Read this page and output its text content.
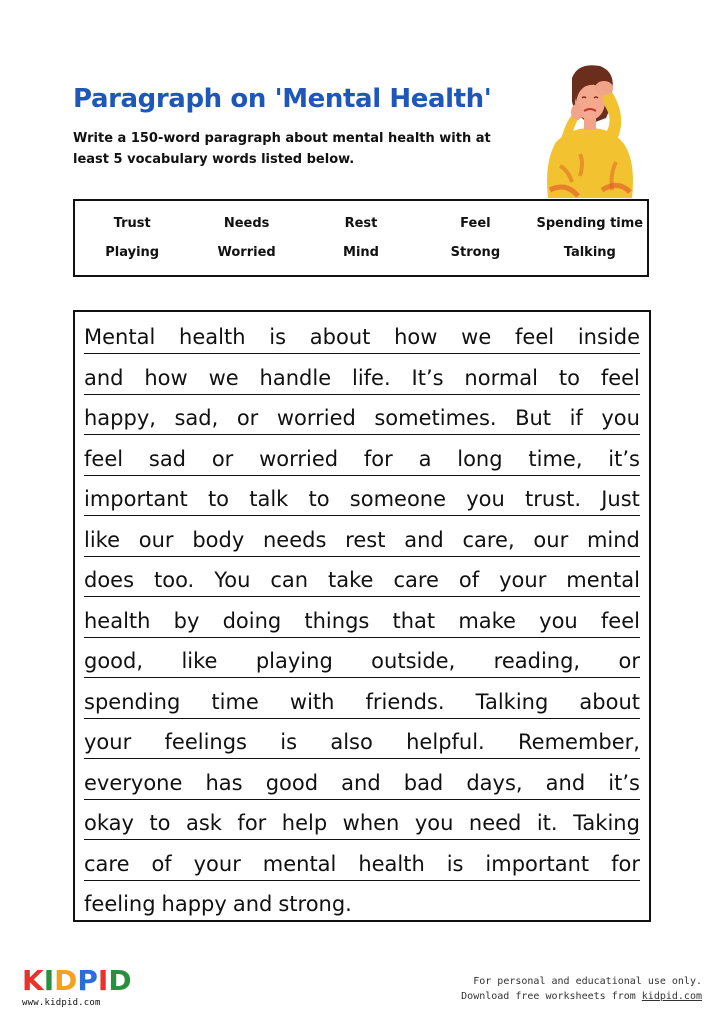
Paragraph on 'Mental Health'

Write a 150-word paragraph about mental health with at least 5 vocabulary words listed below.

Trust	Needs	Rest	Feel	Spending time
Playing	Worried	Mind	Strong	Talking
Mental health is about how we feel inside
and how we handle life. It’s normal to feel
happy, sad, or worried sometimes. But if you
feel sad or worried for a long time, it’s
important to talk to someone you trust. Just
like our body needs rest and care, our mind
does too. You can take care of your mental
health by doing things that make you feel
good, like playing outside, reading, or
spending time with friends. Talking about
your feelings is also helpful. Remember,
everyone has good and bad days, and it’s
okay to ask for help when you need it. Taking
care of your mental health is important for
feeling happy and strong.
KIDPID
www.kidpid.com
For personal and educational use only.
Download free worksheets from kidpid.com
